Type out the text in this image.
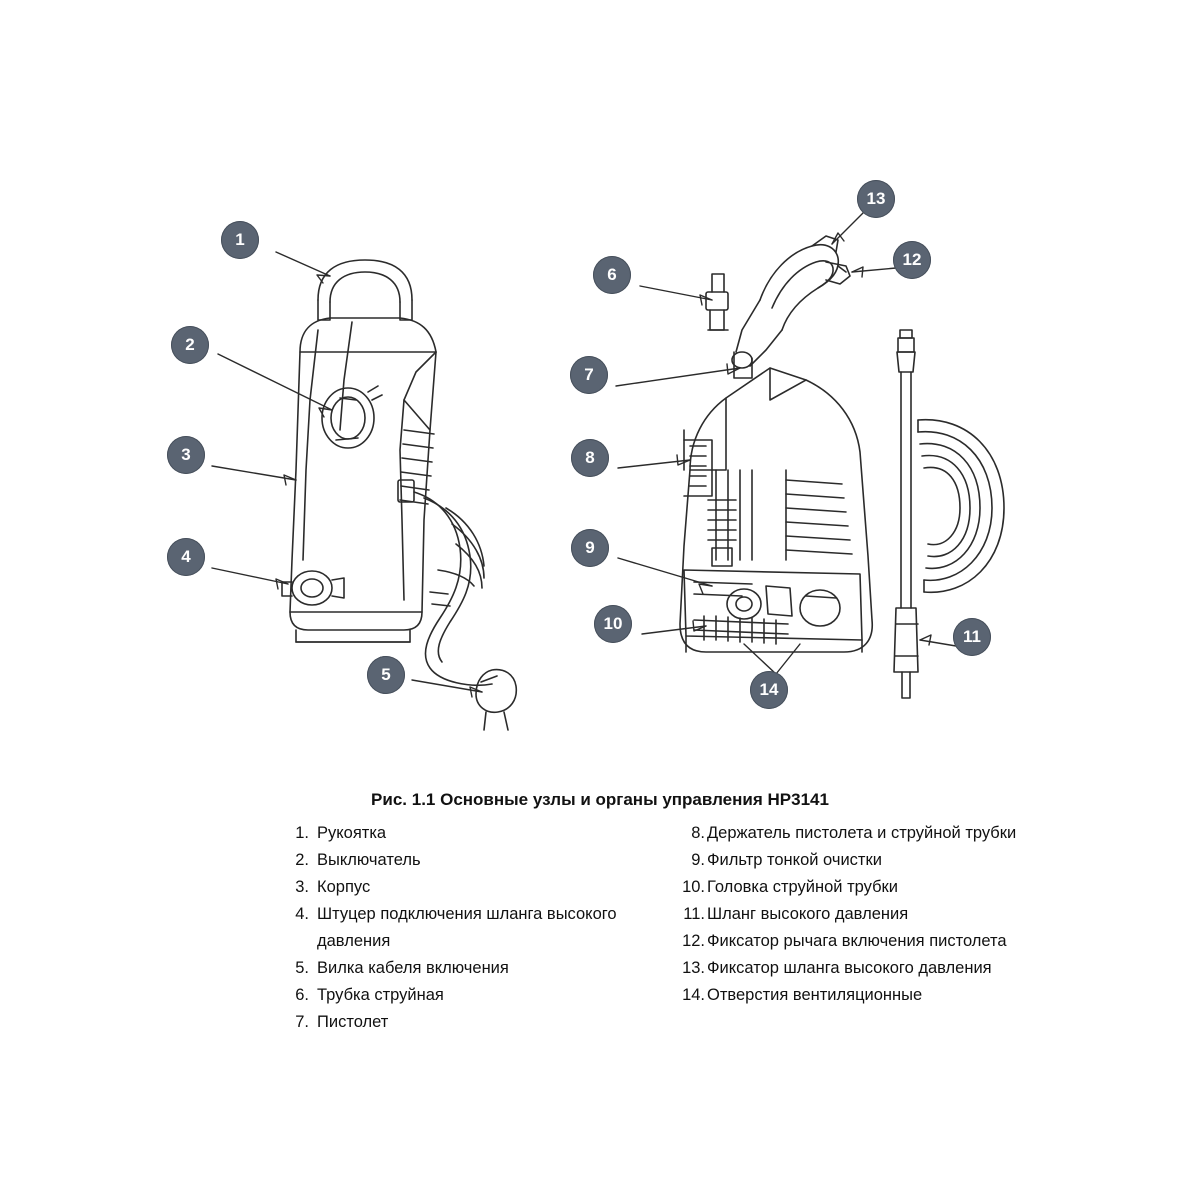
1
2
3
4
5
6
7
8
9
10
11
12
13
14
Рис. 1.1 Основные узлы и органы управления HP3141
1. Рукоятка
2. Выключатель
3. Корпус
4. Штуцер подключения шланга высокого давления
5. Вилка кабеля включения
6. Трубка струйная
7. Пистолет
8. Держатель пистолета и струйной трубки
9. Фильтр тонкой очистки
10. Головка струйной трубки
11. Шланг высокого давления
12. Фиксатор рычага включения пистолета
13. Фиксатор шланга высокого давления
14. Отверстия вентиляционные
